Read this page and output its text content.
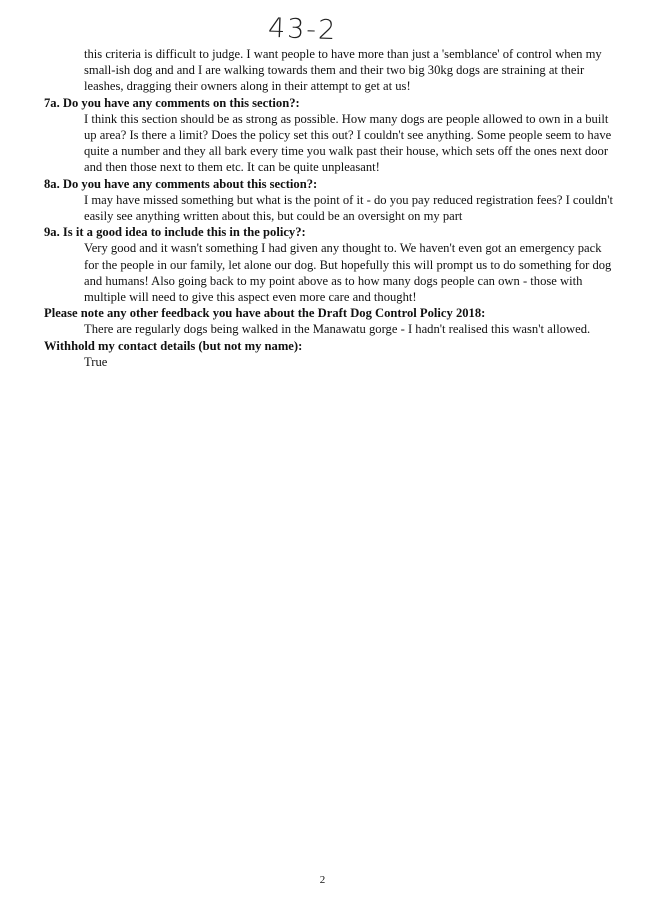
43-2

this criteria is difficult to judge. I want people to have more than just a 'semblance' of control when my small-ish dog and and I are walking towards them and their two big 30kg dogs are straining at their leashes, dragging their owners along in their attempt to get at us!

7a. Do you have any comments on this section?:

I think this section should be as strong as possible. How many dogs are people allowed to own in a built up area? Is there a limit? Does the policy set this out? I couldn't see anything. Some people seem to have quite a number and they all bark every time you walk past their house, which sets off the ones next door and then those next to them etc. It can be quite unpleasant!

8a. Do you have any comments about this section?:

I may have missed something but what is the point of it - do you pay reduced registration fees? I couldn't easily see anything written about this, but could be an oversight on my part

9a. Is it a good idea to include this in the policy?:

Very good and it wasn't something I had given any thought to. We haven't even got an emergency pack for the people in our family, let alone our dog. But hopefully this will prompt us to do something for dog and humans! Also going back to my point above as to how many dogs people can own - those with multiple will need to give this aspect even more care and thought!

Please note any other feedback you have about the Draft Dog Control Policy 2018:

There are regularly dogs being walked in the Manawatu gorge - I hadn't realised this wasn't allowed.

Withhold my contact details (but not my name):

True

2
